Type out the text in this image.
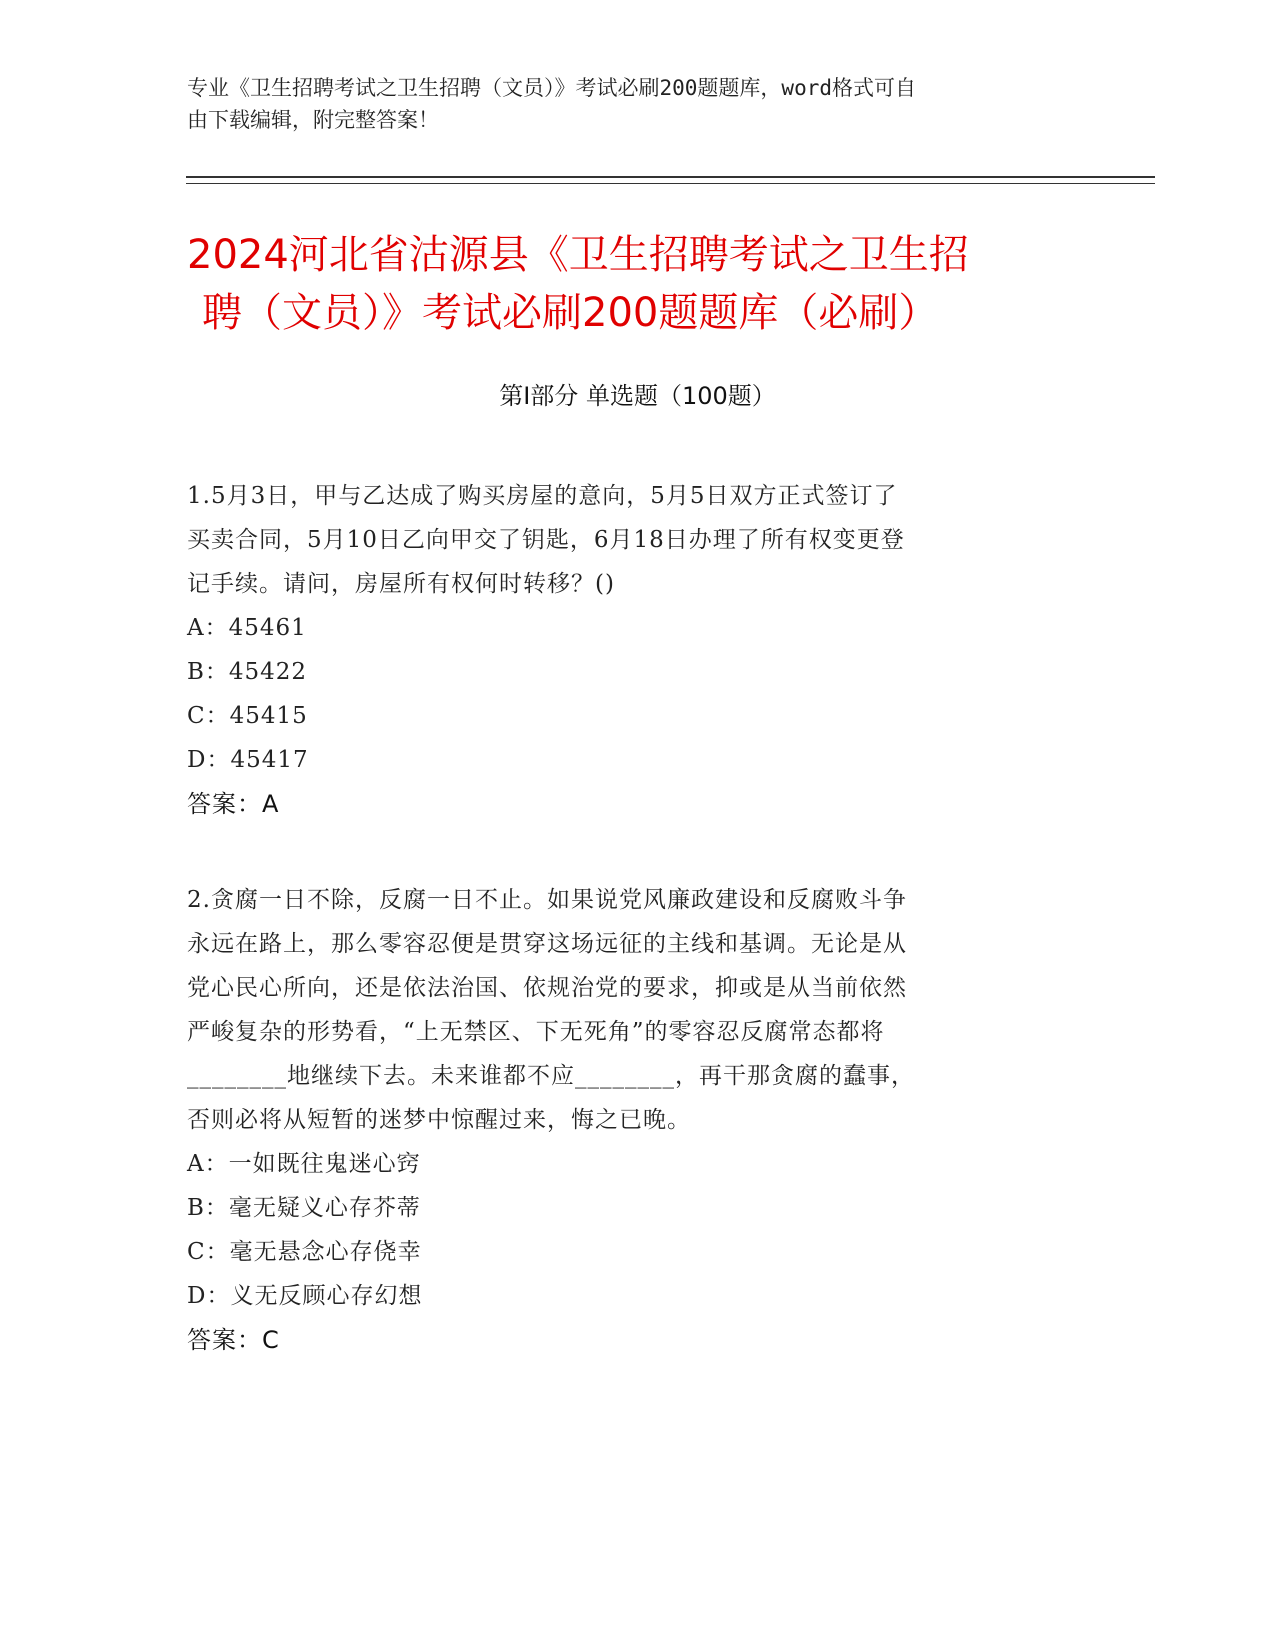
专业《卫生招聘考试之卫生招聘（文员）》考试必刷200题题库，word格式可自
由下载编辑，附完整答案！
2024河北省沽源县《卫生招聘考试之卫生招
聘（文员）》考试必刷200题题库（必刷）
第Ⅰ部分 单选题（100题）

1.5月3日，甲与乙达成了购买房屋的意向，5月5日双方正式签订了

买卖合同，5月10日乙向甲交了钥匙，6月18日办理了所有权变更登

记手续。请问，房屋所有权何时转移？()

A：45461

B：45422

C：45415

D：45417

答案：A

2.贪腐一日不除，反腐一日不止。如果说党风廉政建设和反腐败斗争

永远在路上，那么零容忍便是贯穿这场远征的主线和基调。无论是从

党心民心所向，还是依法治国、依规治党的要求，抑或是从当前依然

严峻复杂的形势看，“上无禁区、下无死角”的零容忍反腐常态都将

________地继续下去。未来谁都不应________，再干那贪腐的蠢事，

否则必将从短暂的迷梦中惊醒过来，悔之已晚。

A：一如既往鬼迷心窍

B：毫无疑义心存芥蒂

C：毫无悬念心存侥幸

D：义无反顾心存幻想

答案：C
